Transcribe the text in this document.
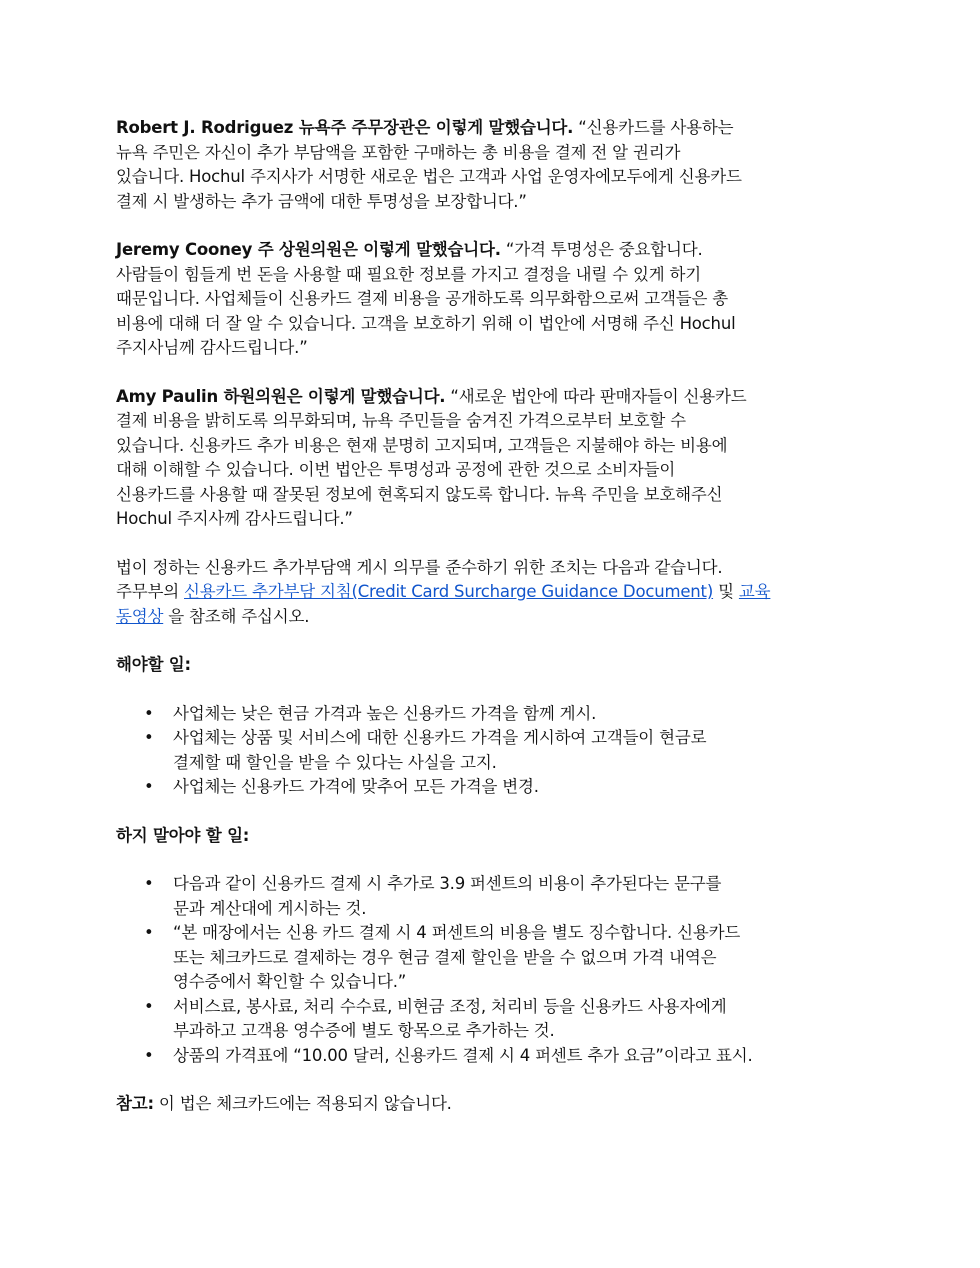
Robert J. Rodriguez 뉴욕주 주무장관은 이렇게 말했습니다. “신용카드를 사용하는
뉴욕 주민은 자신이 추가 부담액을 포함한 구매하는 총 비용을 결제 전 알 권리가
있습니다. Hochul 주지사가 서명한 새로운 법은 고객과 사업 운영자에모두에게 신용카드
결제 시 발생하는 추가 금액에 대한 투명성을 보장합니다.”

Jeremy Cooney 주 상원의원은 이렇게 말했습니다. “가격 투명성은 중요합니다.
사람들이 힘들게 번 돈을 사용할 때 필요한 정보를 가지고 결정을 내릴 수 있게 하기
때문입니다. 사업체들이 신용카드 결제 비용을 공개하도록 의무화함으로써 고객들은 총
비용에 대해 더 잘 알 수 있습니다. 고객을 보호하기 위해 이 법안에 서명해 주신 Hochul
주지사님께 감사드립니다.”

Amy Paulin 하원의원은 이렇게 말했습니다. “새로운 법안에 따라 판매자들이 신용카드
결제 비용을 밝히도록 의무화되며, 뉴욕 주민들을 숨겨진 가격으로부터 보호할 수
있습니다. 신용카드 추가 비용은 현재 분명히 고지되며, 고객들은 지불해야 하는 비용에
대해 이해할 수 있습니다. 이번 법안은 투명성과 공정에 관한 것으로 소비자들이
신용카드를 사용할 때 잘못된 정보에 현혹되지 않도록 합니다. 뉴욕 주민을 보호해주신
Hochul 주지사께 감사드립니다.”

법이 정하는 신용카드 추가부담액 게시 의무를 준수하기 위한 조치는 다음과 같습니다.
주무부의 신용카드 추가부담 지침(Credit Card Surcharge Guidance Document) 및 교육
동영상 을 참조해 주십시오.

해야할 일:

• 사업체는 낮은 현금 가격과 높은 신용카드 가격을 함께 게시.
• 사업체는 상품 및 서비스에 대한 신용카드 가격을 게시하여 고객들이 현금로
결제할 때 할인을 받을 수 있다는 사실을 고지.
• 사업체는 신용카드 가격에 맞추어 모든 가격을 변경.

하지 말아야 할 일:

• 다음과 같이 신용카드 결제 시 추가로 3.9 퍼센트의 비용이 추가된다는 문구를
문과 계산대에 게시하는 것.
• “본 매장에서는 신용 카드 결제 시 4 퍼센트의 비용을 별도 징수합니다. 신용카드
또는 체크카드로 결제하는 경우 현금 결제 할인을 받을 수 없으며 가격 내역은
영수증에서 확인할 수 있습니다.”
• 서비스료, 봉사료, 처리 수수료, 비현금 조정, 처리비 등을 신용카드 사용자에게
부과하고 고객용 영수증에 별도 항목으로 추가하는 것.
• 상품의 가격표에 “10.00 달러, 신용카드 결제 시 4 퍼센트 추가 요금”이라고 표시.

참고: 이 법은 체크카드에는 적용되지 않습니다.
